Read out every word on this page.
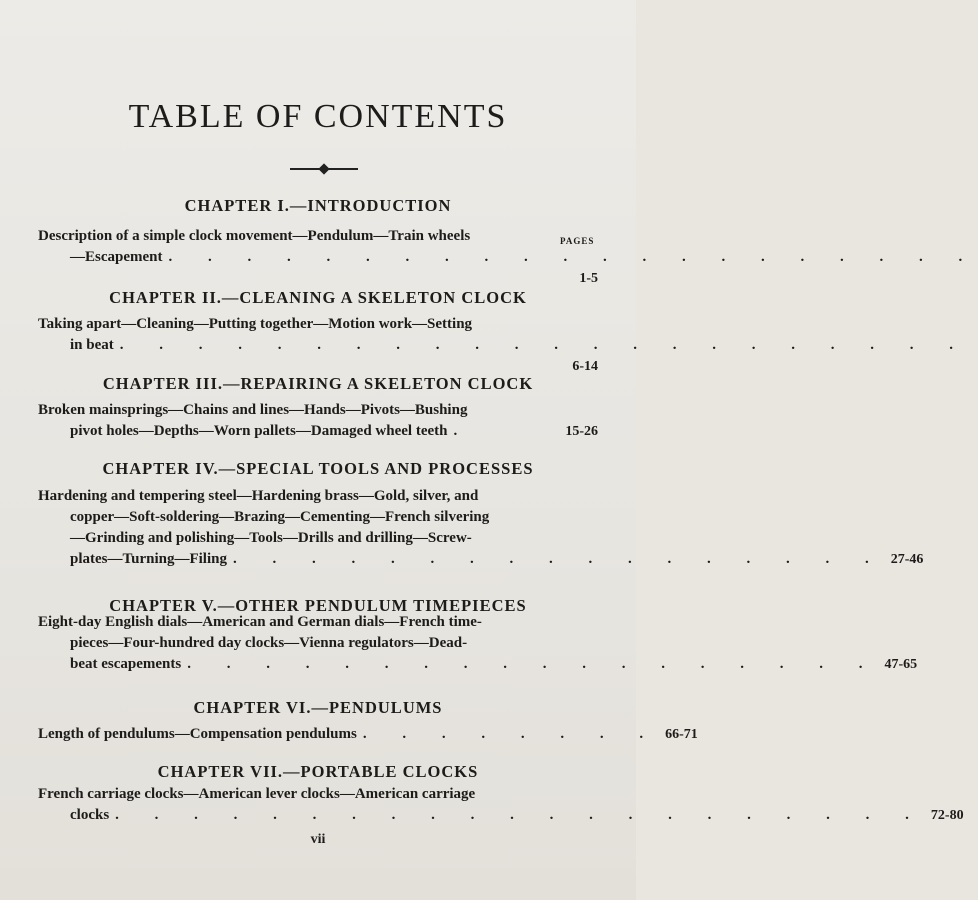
TABLE OF CONTENTS
PAGES
CHAPTER I.—INTRODUCTION
Description of a simple clock movement—Pendulum—Train wheels
—Escapement . . . . . . . . . . . . . . . . . . . . .
1-5
CHAPTER II.—CLEANING A SKELETON CLOCK
Taking apart—Cleaning—Putting together—Motion work—Setting
in beat . . . . . . . . . . . . . . . . . . . . . .
6-14
CHAPTER III.—REPAIRING A SKELETON CLOCK
Broken mainsprings—Chains and lines—Hands—Pivots—Bushing
pivot holes—Depths—Worn pallets—Damaged wheel teeth .	15-26
CHAPTER IV.—SPECIAL TOOLS AND PROCESSES
Hardening and tempering steel—Hardening brass—Gold, silver, and
copper—Soft-soldering—Brazing—Cementing—French silvering
—Grinding and polishing—Tools—Drills and drilling—Screw-
plates—Turning—Filing . . . . . . . . . . . . . . . . . 27-46
CHAPTER V.—OTHER PENDULUM TIMEPIECES
Eight-day English dials—American and German dials—French time-
pieces—Four-hundred day clocks—Vienna regulators—Dead-
beat escapements . . . . . . . . . . . . . . . . . . 47-65
CHAPTER VI.—PENDULUMS
Length of pendulums—Compensation pendulums . . . . . . . . 66-71
CHAPTER VII.—PORTABLE CLOCKS
French carriage clocks—American lever clocks—American carriage
clocks . . . . . . . . . . . . . . . . . . . . . 72-80
vii
